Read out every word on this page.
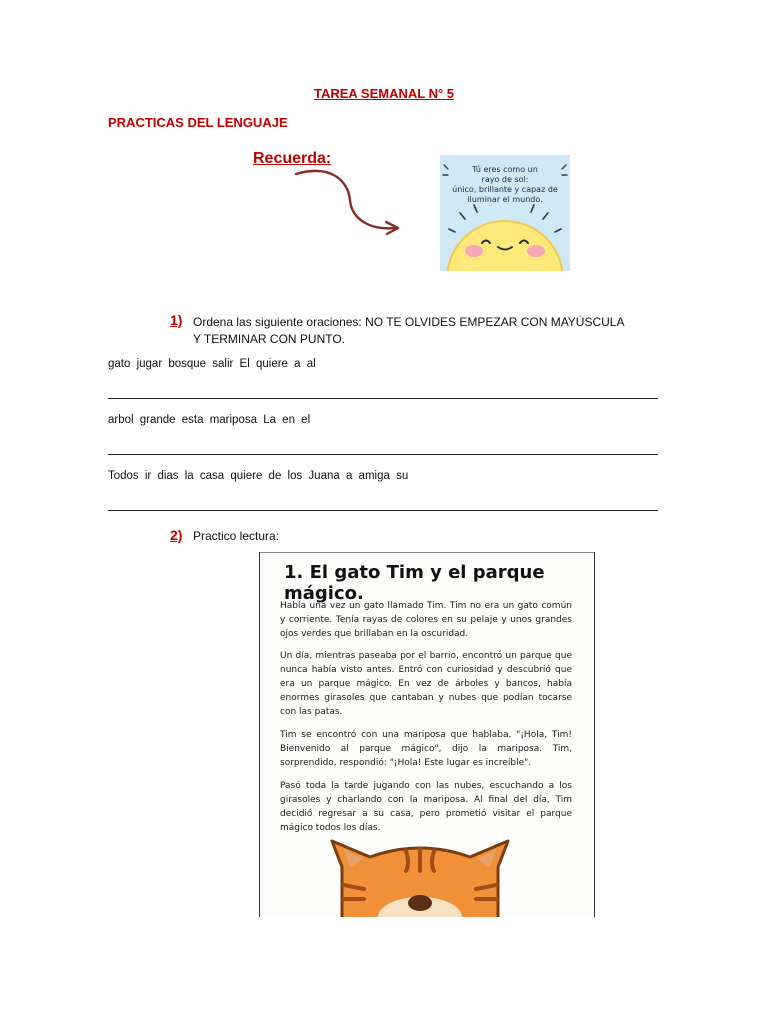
TAREA SEMANAL N° 5
PRACTICAS DEL LENGUAJE
Recuerda:
Tú eres como un
rayo de sol:
único, brillante y capaz de
iluminar el mundo.
1) Ordena las siguiente oraciones: NO TE OLVIDES EMPEZAR CON MAYÚSCULA Y TERMINAR CON PUNTO.
gato jugar bosque salir El quiere a al
arbol grande esta mariposa La en el
Todos ir dias la casa quiere de los Juana a amiga su
2) Practico lectura:
1. El gato Tim y el parque mágico.
Había una vez un gato llamado Tim. Tim no era un gato común y corriente. Tenía rayas de colores en su pelaje y unos grandes ojos verdes que brillaban en la oscuridad.
Un día, mientras paseaba por el barrio, encontró un parque que nunca había visto antes. Entró con curiosidad y descubrió que era un parque mágico. En vez de árboles y bancos, había enormes girasoles que cantaban y nubes que podían tocarse con las patas.
Tim se encontró con una mariposa que hablaba. "¡Hola, Tim! Bienvenido al parque mágico", dijo la mariposa. Tim, sorprendido, respondió: "¡Hola! Este lugar es increíble".
Pasó toda la tarde jugando con las nubes, escuchando a los girasoles y charlando con la mariposa. Al final del día, Tim decidió regresar a su casa, pero prometió visitar el parque mágico todos los días.
